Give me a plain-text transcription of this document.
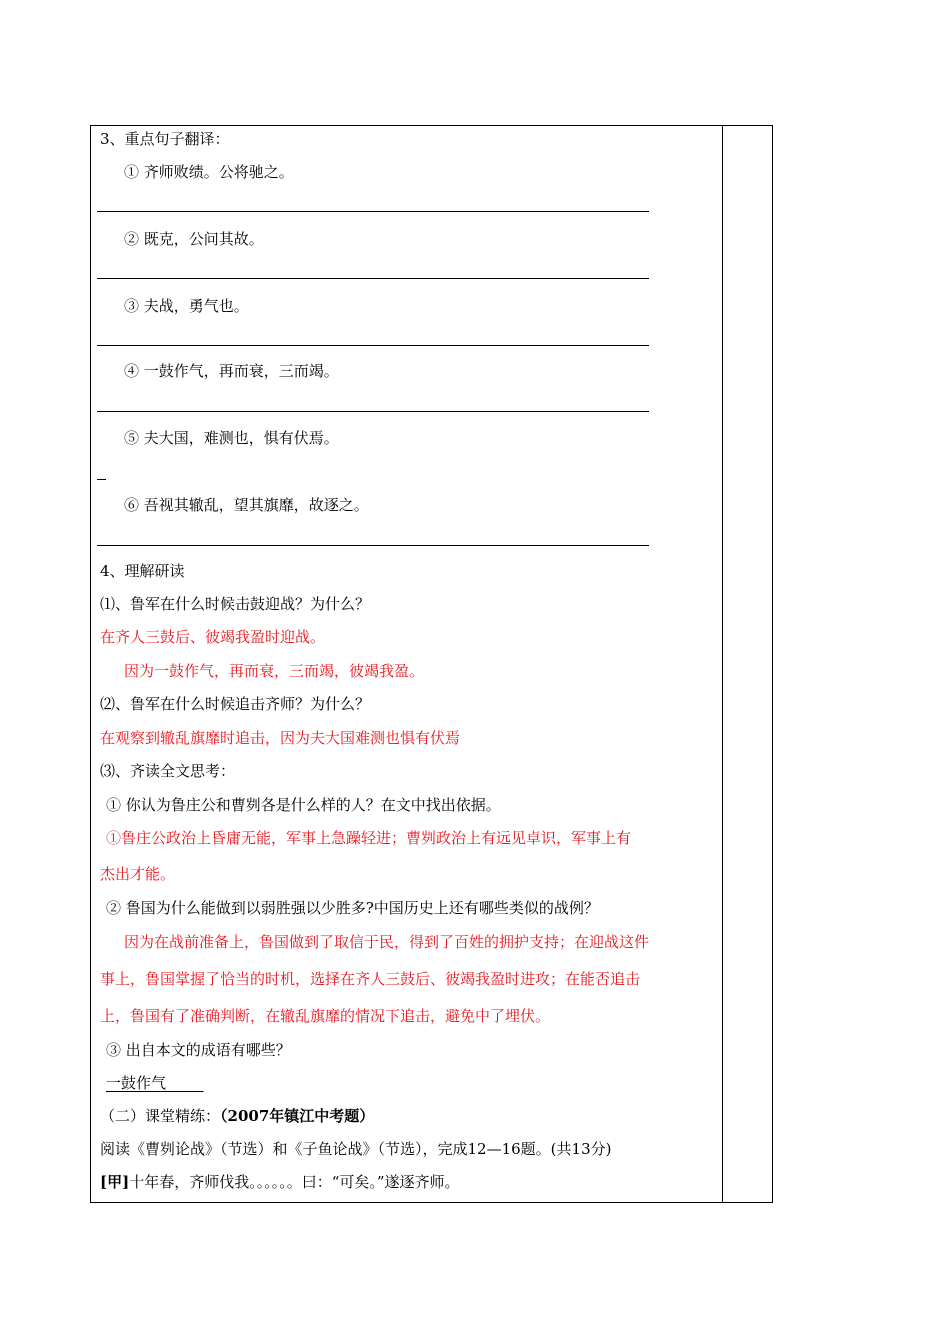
3、重点句子翻译：
① 齐师败绩。公将驰之。
② 既克，公问其故。
③ 夫战，勇气也。
④ 一鼓作气，再而衰，三而竭。
⑤ 夫大国，难测也，惧有伏焉。
⑥ 吾视其辙乱，望其旗靡，故逐之。
4、理解研读
⑴、鲁军在什么时候击鼓迎战？为什么？
在齐人三鼓后、彼竭我盈时迎战。
因为一鼓作气，再而衰，三而竭，彼竭我盈。
⑵、鲁军在什么时候追击齐师？为什么？
在观察到辙乱旗靡时追击，因为夫大国难测也惧有伏焉
⑶、齐读全文思考：
① 你认为鲁庄公和曹刿各是什么样的人？在文中找出依据。
①鲁庄公政治上昏庸无能，军事上急躁轻进；曹刿政治上有远见卓识，军事上有
杰出才能。
② 鲁国为什么能做到以弱胜强以少胜多?中国历史上还有哪些类似的战例？
因为在战前准备上，鲁国做到了取信于民，得到了百姓的拥护支持；在迎战这件
事上，鲁国掌握了恰当的时机，选择在齐人三鼓后、彼竭我盈时进攻；在能否追击
上，鲁国有了准确判断，在辙乱旗靡的情况下追击，避免中了埋伏。
③ 出自本文的成语有哪些？
一鼓作气   
（二）课堂精练：（2007年镇江中考题）
阅读《曹刿论战》（节选）和《子鱼论战》（节选），完成12—16题。(共13分)
[甲]十年春，齐师伐我。。。。。。曰：“可矣。”遂逐齐师。
